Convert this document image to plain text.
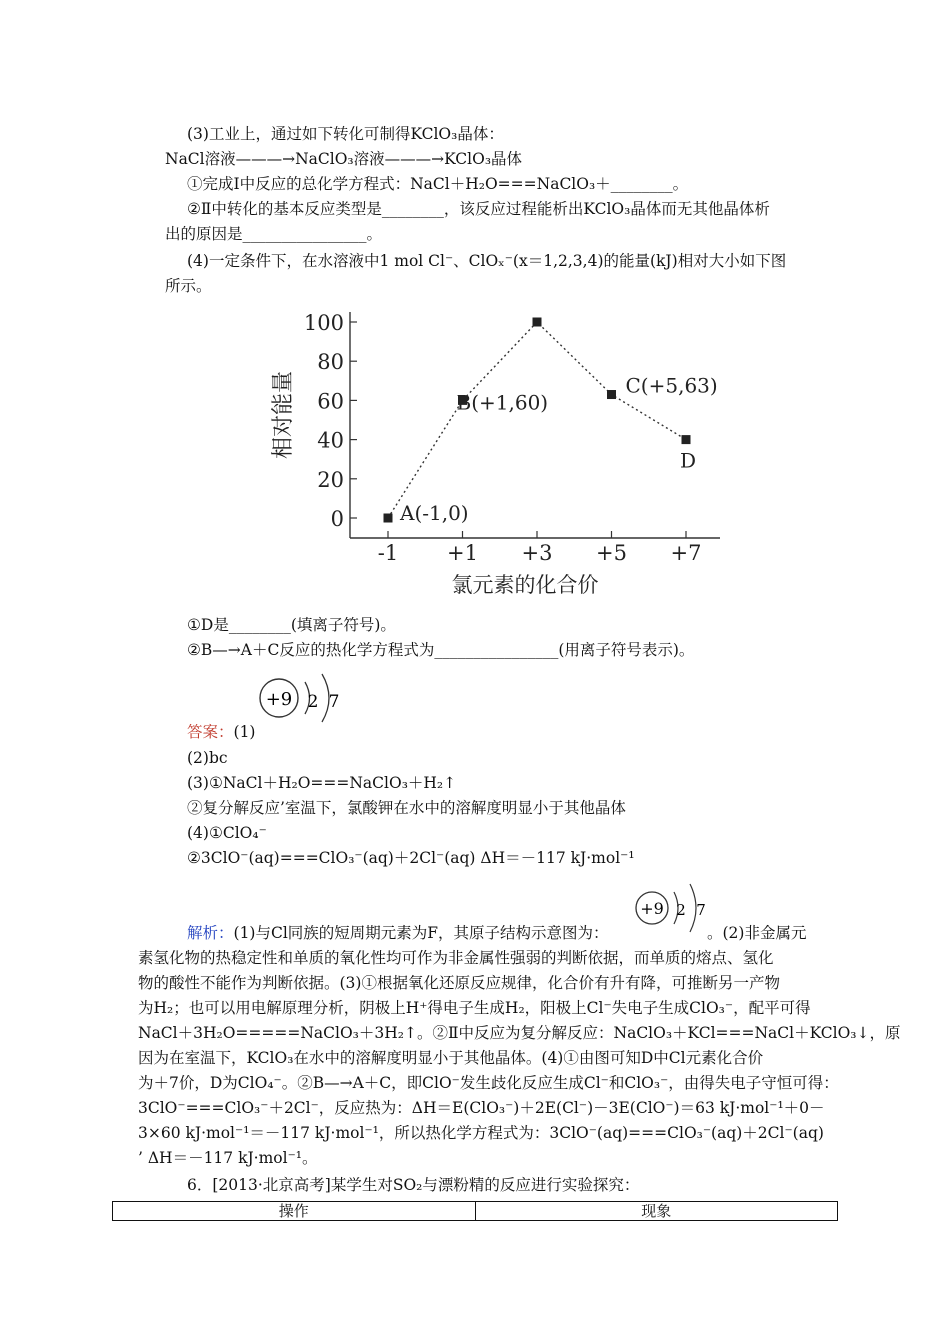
(3)工业上，通过如下转化可制得KClO₃晶体：
NaCl溶液———→NaClO₃溶液———→KClO₃晶体
①完成Ⅰ中反应的总化学方程式：NaCl＋H₂O===NaClO₃＋________。
②Ⅱ中转化的基本反应类型是________，该反应过程能析出KClO₃晶体而无其他晶体析
出的原因是________________。
(4)一定条件下，在水溶液中1 mol Cl⁻、ClOₓ⁻(x＝1,2,3,4)的能量(kJ)相对大小如下图
所示。
0
20
40
60
80
100
-1 +1 +3 +5 +7
A(-1,0)
B(+1,60)
C(+5,63)
D
相对能量
氯元素的化合价
①D是________(填离子符号)。
②B—→A＋C反应的热化学方程式为________________(用离子符号表示)。
+9 2 7
答案：(1)
(2)bc
(3)①NaCl＋H₂O===NaClO₃＋H₂↑
②复分解反应’室温下，氯酸钾在水中的溶解度明显小于其他晶体
(4)①ClO₄⁻
②3ClO⁻(aq)===ClO₃⁻(aq)＋2Cl⁻(aq) ΔH＝－117 kJ·mol⁻¹
+9 2 7
解析：(1)与Cl同族的短周期元素为F，其原子结构示意图为：	。(2)非金属元
素氢化物的热稳定性和单质的氧化性均可作为非金属性强弱的判断依据，而单质的熔点、氢化
物的酸性不能作为判断依据。(3)①根据氧化还原反应规律，化合价有升有降，可推断另一产物
为H₂；也可以用电解原理分析，阴极上H⁺得电子生成H₂，阳极上Cl⁻失电子生成ClO₃⁻，配平可得
NaCl＋3H₂O=====NaClO₃＋3H₂↑。②Ⅱ中反应为复分解反应：NaClO₃＋KCl===NaCl＋KClO₃↓，原
因为在室温下，KClO₃在水中的溶解度明显小于其他晶体。(4)①由图可知D中Cl元素化合价
为＋7价，D为ClO₄⁻。②B—→A＋C，即ClO⁻发生歧化反应生成Cl⁻和ClO₃⁻，由得失电子守恒可得：
3ClO⁻===ClO₃⁻＋2Cl⁻，反应热为：ΔH＝E(ClO₃⁻)＋2E(Cl⁻)－3E(ClO⁻)＝63 kJ·mol⁻¹＋0－
3×60 kJ·mol⁻¹＝－117 kJ·mol⁻¹，所以热化学方程式为：3ClO⁻(aq)===ClO₃⁻(aq)＋2Cl⁻(aq)
’ ΔH＝－117 kJ·mol⁻¹。
6．[2013·北京高考]某学生对SO₂与漂粉精的反应进行实验探究：
操作	现象
